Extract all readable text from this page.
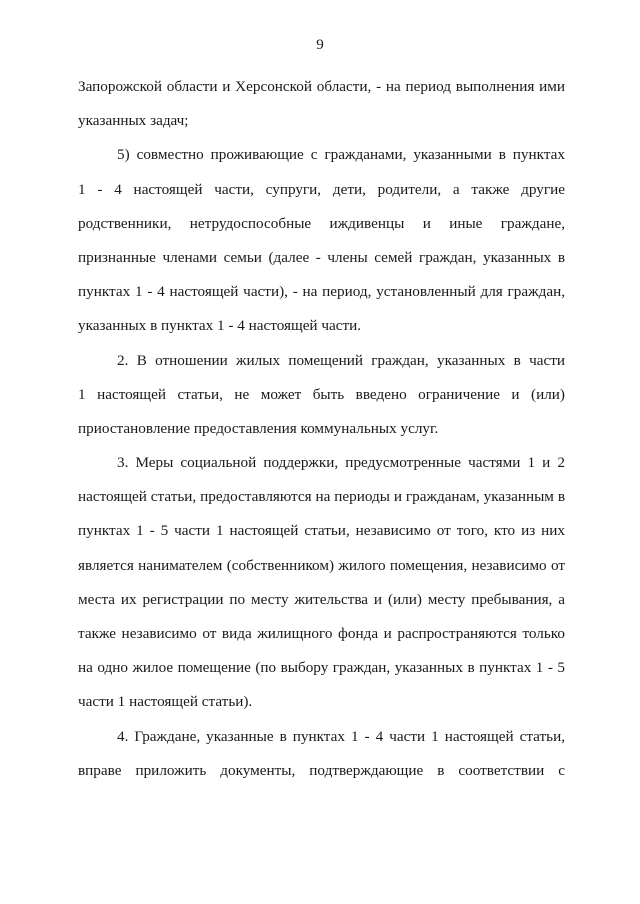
9
Запорожской области и Херсонской области, - на период выполнения ими
указанных задач;
5) совместно проживающие с гражданами, указанными в пунктах
1 - 4 настоящей части, супруги, дети, родители, а также другие
родственники, нетрудоспособные иждивенцы и иные граждане,
признанные членами семьи (далее - члены семей граждан, указанных в
пунктах 1 - 4 настоящей части), - на период, установленный для граждан,
указанных в пунктах 1 - 4 настоящей части.
2. В отношении жилых помещений граждан, указанных в части
1 настоящей статьи, не может быть введено ограничение и (или)
приостановление предоставления коммунальных услуг.
3. Меры социальной поддержки, предусмотренные частями 1 и 2
настоящей статьи, предоставляются на периоды и гражданам, указанным в
пунктах 1 - 5 части 1 настоящей статьи, независимо от того, кто из них
является нанимателем (собственником) жилого помещения, независимо от
места их регистрации по месту жительства и (или) месту пребывания, а
также независимо от вида жилищного фонда и распространяются только
на одно жилое помещение (по выбору граждан, указанных в пунктах 1 - 5
части 1 настоящей статьи).
4. Граждане, указанные в пунктах 1 - 4 части 1 настоящей статьи,
вправе приложить документы, подтверждающие в соответствии с
